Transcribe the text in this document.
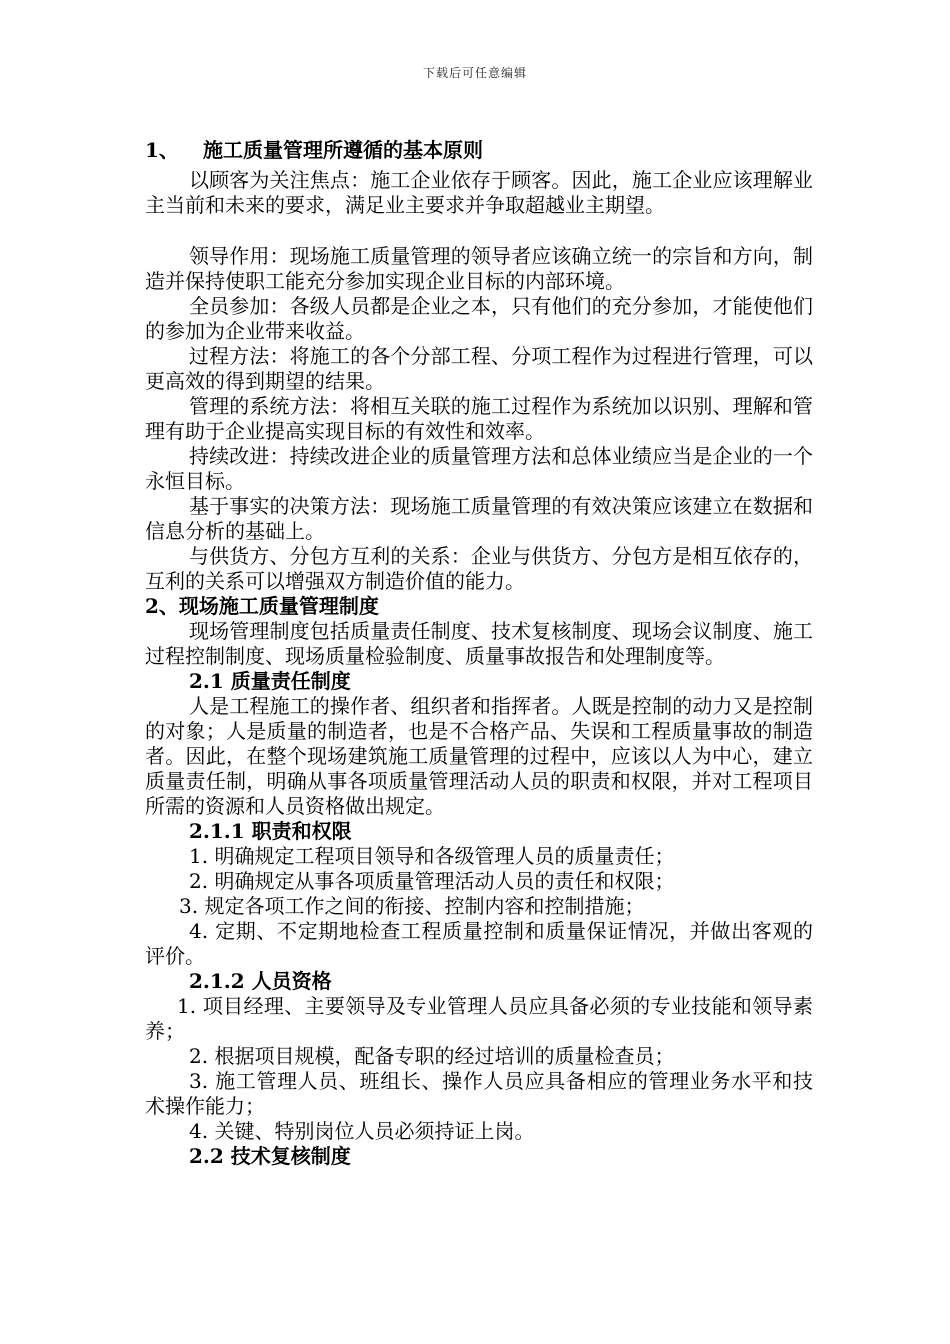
下载后可任意编辑
1、 施工质量管理所遵循的基本原则

以顾客为关注焦点：施工企业依存于顾客。因此，施工企业应该理解业主当前和未来的要求，满足业主要求并争取超越业主期望。

领导作用：现场施工质量管理的领导者应该确立统一的宗旨和方向，制造并保持使职工能充分参加实现企业目标的内部环境。

全员参加：各级人员都是企业之本，只有他们的充分参加，才能使他们的参加为企业带来收益。

过程方法：将施工的各个分部工程、分项工程作为过程进行管理，可以更高效的得到期望的结果。

管理的系统方法：将相互关联的施工过程作为系统加以识别、理解和管理有助于企业提高实现目标的有效性和效率。

持续改进：持续改进企业的质量管理方法和总体业绩应当是企业的一个永恒目标。

基于事实的决策方法：现场施工质量管理的有效决策应该建立在数据和信息分析的基础上。

与供货方、分包方互利的关系：企业与供货方、分包方是相互依存的，互利的关系可以增强双方制造价值的能力。

2、现场施工质量管理制度

现场管理制度包括质量责任制度、技术复核制度、现场会议制度、施工过程控制制度、现场质量检验制度、质量事故报告和处理制度等。

2.1 质量责任制度

人是工程施工的操作者、组织者和指挥者。人既是控制的动力又是控制的对象；人是质量的制造者，也是不合格产品、失误和工程质量事故的制造者。因此，在整个现场建筑施工质量管理的过程中，应该以人为中心，建立质量责任制，明确从事各项质量管理活动人员的职责和权限，并对工程项目所需的资源和人员资格做出规定。

2.1.1 职责和权限

1. 明确规定工程项目领导和各级管理人员的质量责任；

2. 明确规定从事各项质量管理活动人员的责任和权限；

3. 规定各项工作之间的衔接、控制内容和控制措施；

4. 定期、不定期地检查工程质量控制和质量保证情况，并做出客观的评价。

2.1.2 人员资格

1. 项目经理、主要领导及专业管理人员应具备必须的专业技能和领导素养；

2. 根据项目规模，配备专职的经过培训的质量检查员；

3. 施工管理人员、班组长、操作人员应具备相应的管理业务水平和技术操作能力；

4. 关键、特别岗位人员必须持证上岗。

2.2 技术复核制度
